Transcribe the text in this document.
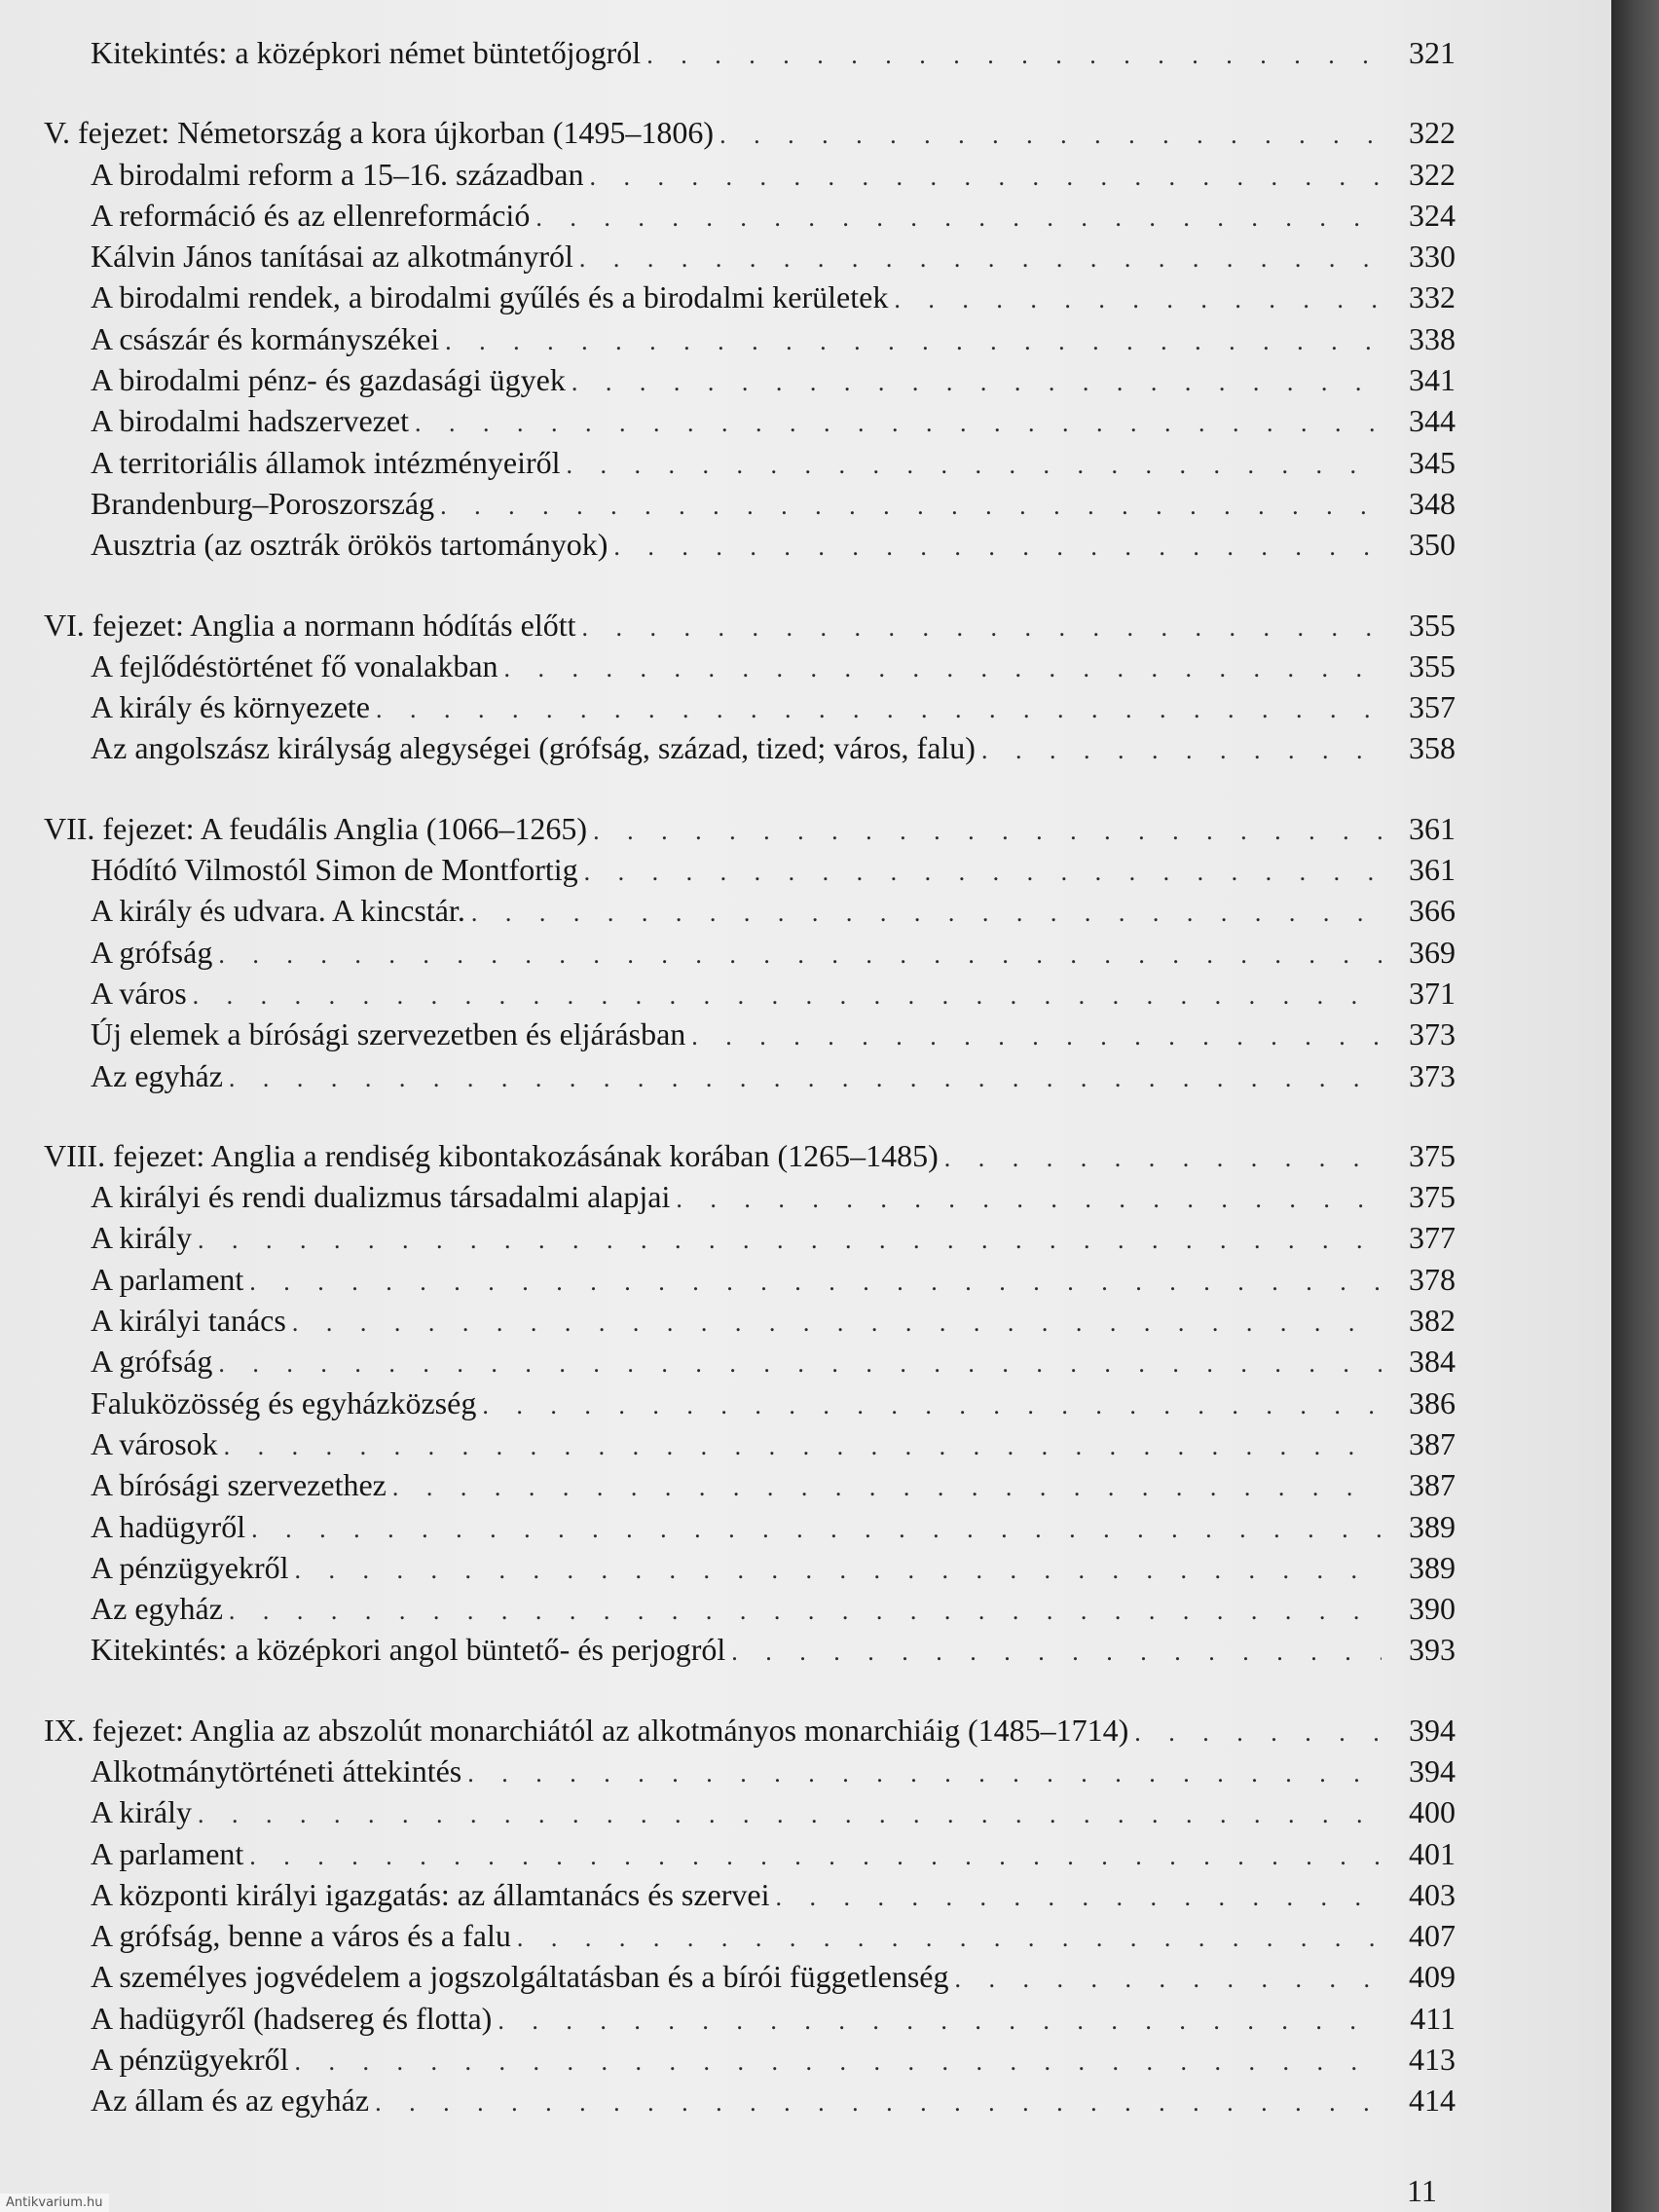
Kitekintés: a középkori német büntetőjogról . . .	321
V. fejezet: Németország a kora újkorban (1495–1806) . . .	322
A birodalmi reform a 15–16. században . . .	322
A reformáció és az ellenreformáció . . .	324
Kálvin János tanításai az alkotmányról . . .	330
A birodalmi rendek, a birodalmi gyűlés és a birodalmi kerületek . . .	332
A császár és kormányszékei . . .	338
A birodalmi pénz- és gazdasági ügyek . . .	341
A birodalmi hadszervezet . . .	344
A territoriális államok intézményeiről . . .	345
Brandenburg–Poroszország . . .	348
Ausztria (az osztrák örökös tartományok) . . .	350
VI. fejezet: Anglia a normann hódítás előtt . . .	355
A fejlődéstörténet fő vonalakban . . .	355
A király és környezete . . .	357
Az angolszász királyság alegységei (grófság, század, tized; város, falu) . . .	358
VII. fejezet: A feudális Anglia (1066–1265) . . .	361
Hódító Vilmostól Simon de Montfortig . . .	361
A király és udvara. A kincstár. . . .	366
A grófság . . .	369
A város . . .	371
Új elemek a bírósági szervezetben és eljárásban . . .	373
Az egyház . . .	373
VIII. fejezet: Anglia a rendiség kibontakozásának korában (1265–1485) . . .	375
A királyi és rendi dualizmus társadalmi alapjai . . .	375
A király . . .	377
A parlament . . .	378
A királyi tanács . . .	382
A grófság . . .	384
Faluközösség és egyházközség . . .	386
A városok . . .	387
A bírósági szervezethez . . .	387
A hadügyről . . .	389
A pénzügyekről . . .	389
Az egyház . . .	390
Kitekintés: a középkori angol büntető- és perjogról . . .	393
IX. fejezet: Anglia az abszolút monarchiától az alkotmányos monarchiáig (1485–1714) . . .	394
Alkotmánytörténeti áttekintés . . .	394
A király . . .	400
A parlament . . .	401
A központi királyi igazgatás: az államtanács és szervei . . .	403
A grófság, benne a város és a falu . . .	407
A személyes jogvédelem a jogszolgáltatásban és a bírói függetlenség . . .	409
A hadügyről (hadsereg és flotta) . . .	411
A pénzügyekről . . .	413
Az állam és az egyház . . .	414
11
Antikvarium.hu
